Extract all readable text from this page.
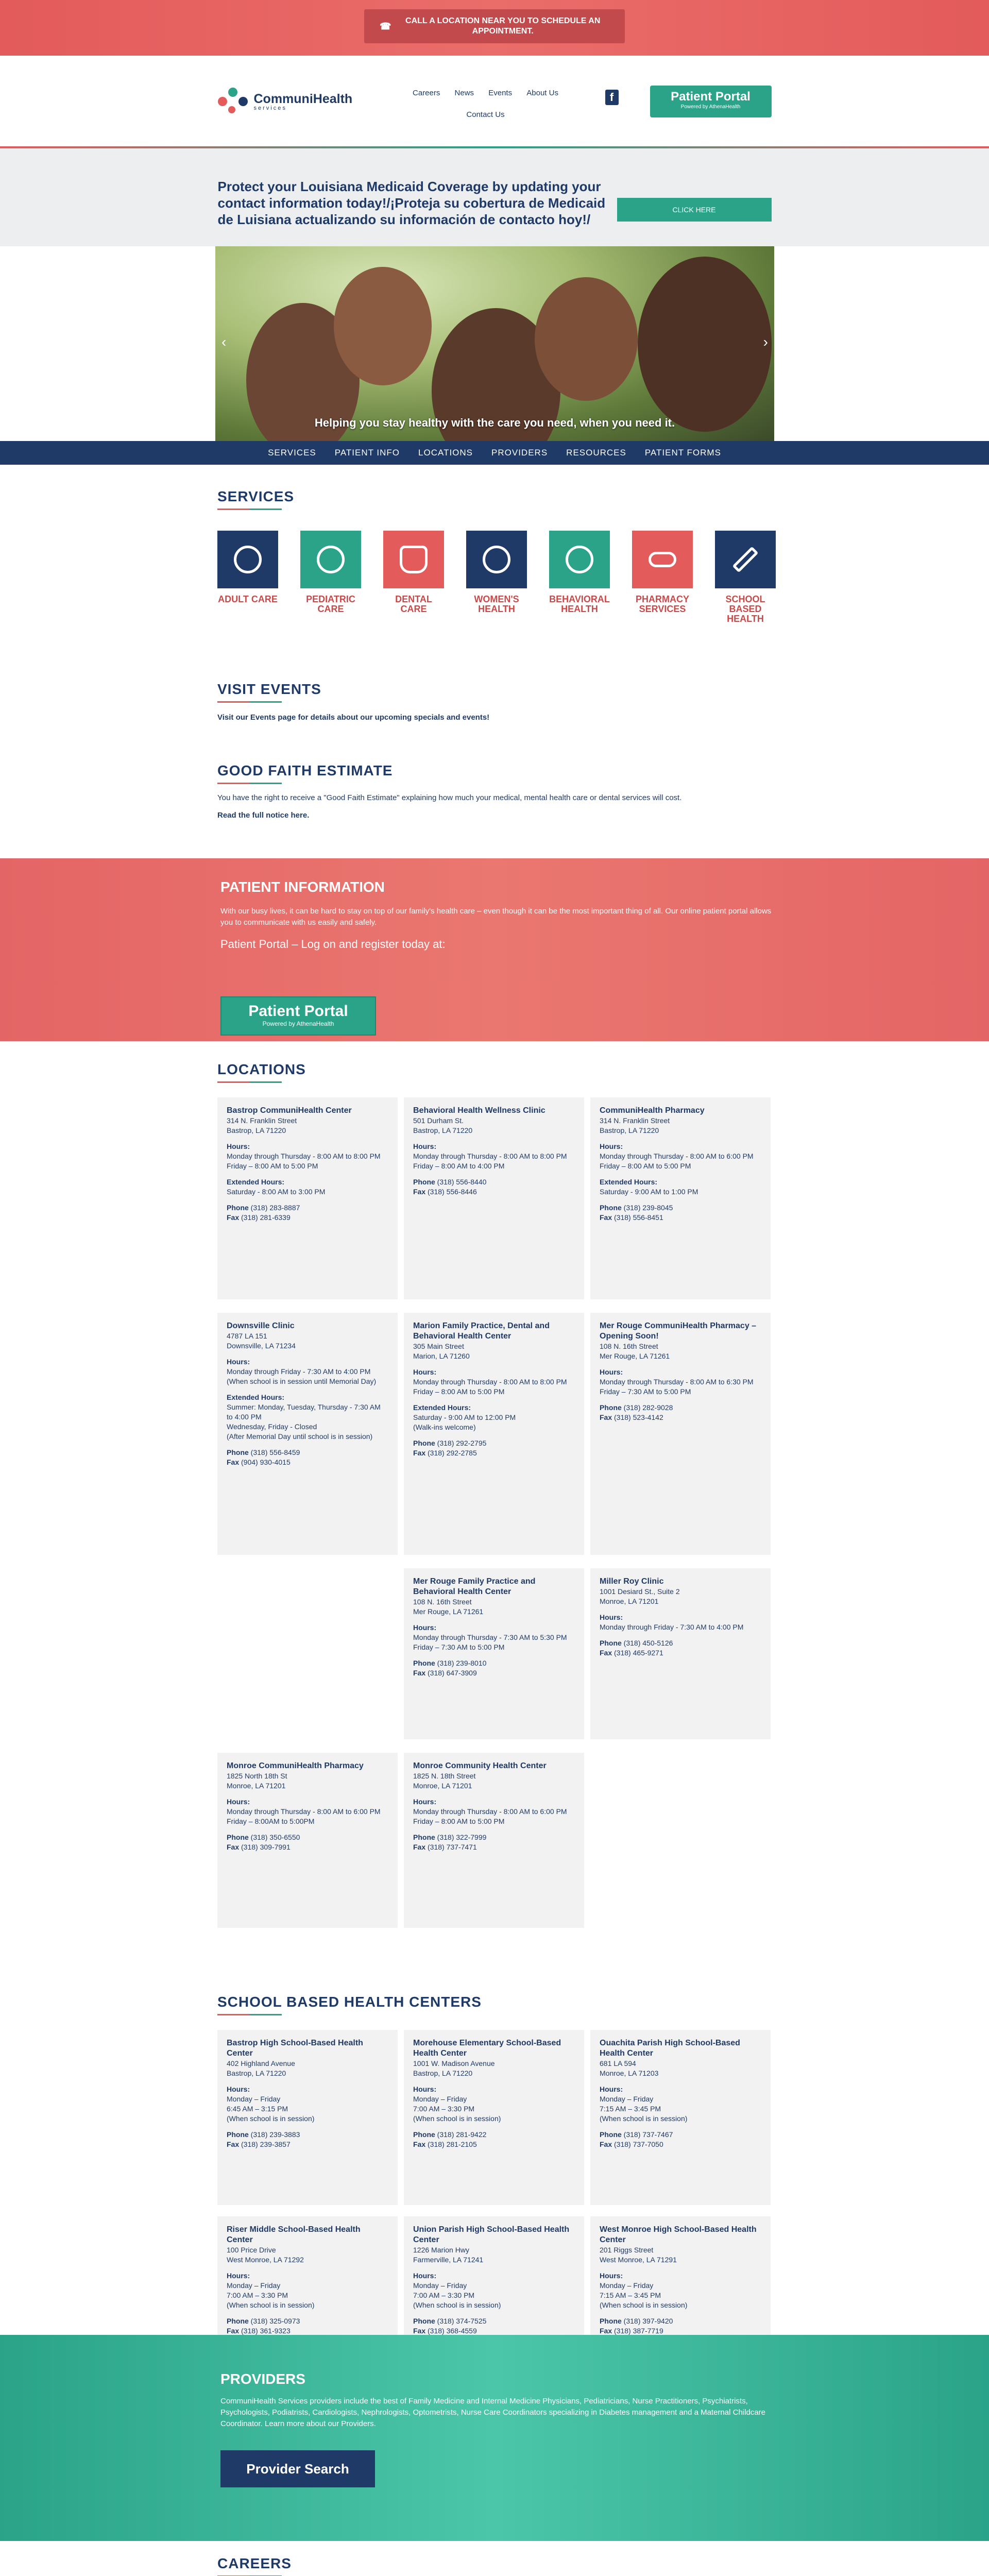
☎
CALL A LOCATION NEAR YOU TO SCHEDULE AN APPOINTMENT.
CommuniHealth
services
Careers News Events About Us
Contact Us
f	Patient Portal
Powered by AthenaHealth
Protect your Louisiana Medicaid Coverage by updating your contact information today!/¡Proteja su cobertura de Medicaid de Luisiana actualizando su información de contacto hoy!/
CLICK HERE
‹	›
Helping you stay healthy with the care you need, when you need it.
SERVICES PATIENT INFO LOCATIONS PROVIDERS RESOURCES PATIENT FORMS
SERVICES
ADULT CARE	PEDIATRIC CARE
DENTAL CARE
WOMEN'S HEALTH
BEHAVIORAL HEALTH
PHARMACY SERVICES
SCHOOL BASED HEALTH
VISIT EVENTS

Visit our Events page for details about our upcoming specials and events!

GOOD FAITH ESTIMATE

You have the right to receive a "Good Faith Estimate" explaining how much your medical, mental health care or dental services will cost.

Read the full notice here.

PATIENT INFORMATION
With our busy lives, it can be hard to stay on top of our family's health care – even though it can be the most important thing of all. Our online patient portal allows you to communicate with us easily and safely.
Patient Portal – Log on and register today at:
Patient Portal
Powered by AthenaHealth
LOCATIONS
Bastrop CommuniHealth Center
314 N. Franklin Street
Bastrop, LA 71220
Hours:
Monday through Thursday - 8:00 AM to 8:00 PM
Friday – 8:00 AM to 5:00 PM
Extended Hours:
Saturday - 8:00 AM to 3:00 PM
Phone (318) 283-8887
Fax (318) 281-6339
Behavioral Health Wellness Clinic
501 Durham St.
Bastrop, LA 71220
Hours:
Monday through Thursday - 8:00 AM to 8:00 PM
Friday – 8:00 AM to 4:00 PM
Phone (318) 556-8440
Fax (318) 556-8446
CommuniHealth Pharmacy
314 N. Franklin Street
Bastrop, LA 71220
Hours:
Monday through Thursday - 8:00 AM to 6:00 PM
Friday – 8:00 AM to 5:00 PM
Extended Hours:
Saturday - 9:00 AM to 1:00 PM
Phone (318) 239-8045
Fax (318) 556-8451
Downsville Clinic
4787 LA 151
Downsville, LA 71234
Hours:
Monday through Friday - 7:30 AM to 4:00 PM
(When school is in session until Memorial Day)
Extended Hours:
Summer: Monday, Tuesday, Thursday - 7:30 AM to 4:00 PM
Wednesday, Friday - Closed
(After Memorial Day until school is in session)
Phone (318) 556-8459
Fax (904) 930-4015
Marion Family Practice, Dental and Behavioral Health Center
305 Main Street
Marion, LA 71260
Hours:
Monday through Thursday - 8:00 AM to 8:00 PM
Friday – 8:00 AM to 5:00 PM
Extended Hours:
Saturday - 9:00 AM to 12:00 PM
(Walk-ins welcome)
Phone (318) 292-2795
Fax (318) 292-2785
Mer Rouge CommuniHealth Pharmacy – Opening Soon!
108 N. 16th Street
Mer Rouge, LA 71261
Hours:
Monday through Thursday - 8:00 AM to 6:30 PM
Friday – 7:30 AM to 5:00 PM
Phone (318) 282-9028
Fax (318) 523-4142
Mer Rouge Family Practice and Behavioral Health Center
108 N. 16th Street
Mer Rouge, LA 71261
Hours:
Monday through Thursday - 7:30 AM to 5:30 PM
Friday – 7:30 AM to 5:00 PM
Phone (318) 239-8010
Fax (318) 647-3909
Miller Roy Clinic
1001 Desiard St., Suite 2
Monroe, LA 71201
Hours:
Monday through Friday - 7:30 AM to 4:00 PM
Phone (318) 450-5126
Fax (318) 465-9271
Monroe CommuniHealth Pharmacy
1825 North 18th St
Monroe, LA 71201
Hours:
Monday through Thursday - 8:00 AM to 6:00 PM
Friday – 8:00AM to 5:00PM
Phone (318) 350-6550
Fax (318) 309-7991
Monroe Community Health Center
1825 N. 18th Street
Monroe, LA 71201
Hours:
Monday through Thursday - 8:00 AM to 6:00 PM
Friday – 8:00 AM to 5:00 PM
Phone (318) 322-7999
Fax (318) 737-7471
SCHOOL BASED HEALTH CENTERS
Bastrop High School-Based Health Center
402 Highland Avenue
Bastrop, LA 71220
Hours:
Monday – Friday
6:45 AM – 3:15 PM
(When school is in session)
Phone (318) 239-3883
Fax (318) 239-3857
Morehouse Elementary School-Based Health Center
1001 W. Madison Avenue
Bastrop, LA 71220
Hours:
Monday – Friday
7:00 AM – 3:30 PM
(When school is in session)
Phone (318) 281-9422
Fax (318) 281-2105
Ouachita Parish High School-Based Health Center
681 LA 594
Monroe, LA 71203
Hours:
Monday – Friday
7:15 AM – 3:45 PM
(When school is in session)
Phone (318) 737-7467
Fax (318) 737-7050
Riser Middle School-Based Health Center
100 Price Drive
West Monroe, LA 71292
Hours:
Monday – Friday
7:00 AM – 3:30 PM
(When school is in session)
Phone (318) 325-0973
Fax (318) 361-9323
Union Parish High School-Based Health Center
1226 Marion Hwy
Farmerville, LA 71241
Hours:
Monday – Friday
7:00 AM – 3:30 PM
(When school is in session)
Phone (318) 374-7525
Fax (318) 368-4559
West Monroe High School-Based Health Center
201 Riggs Street
West Monroe, LA 71291
Hours:
Monday – Friday
7:15 AM – 3:45 PM
(When school is in session)
Phone (318) 397-9420
Fax (318) 387-7719
PROVIDERS

CommuniHealth Services providers include the best of Family Medicine and Internal Medicine Physicians, Pediatricians, Nurse Practitioners, Psychiatrists, Psychologists, Podiatrists, Cardiologists, Nephrologists, Optometrists, Nurse Care Coordinators specializing in Diabetes management and a Maternal Childcare Coordinator. Learn more about our Providers.

Provider Search
CAREERS
